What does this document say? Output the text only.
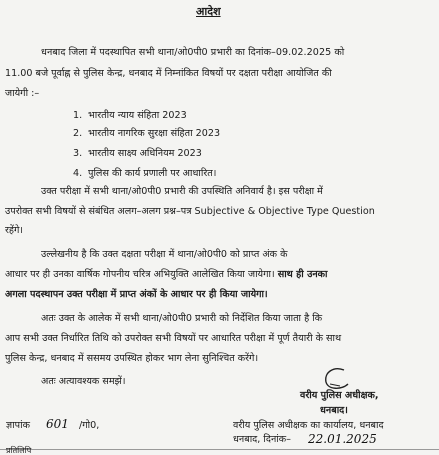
आदेश
धनबाद जिला में पदस्थापित सभी थाना/ओ0पी0 प्रभारी का दिनांक–09.02.2025 को
11.00 बजे पूर्वाह्न से पुलिस केन्द्र, धनबाद में निम्नांकित विषयों पर दक्षता परीक्षा आयोजित की
जायेगी :–
1. भारतीय न्याय संहिता 2023
2. भारतीय नागरिक सुरक्षा संहिता 2023
3. भारतीय साक्ष्य अधिनियम 2023
4. पुलिस की कार्य प्रणाली पर आधारित।
उक्त परीक्षा में सभी थाना/ओ0पी0 प्रभारी की उपस्थिति अनिवार्य है। इस परीक्षा में
उपरोक्त सभी विषयों से संबंधित अलग–अलग प्रश्न–पत्र Subjective & Objective Type Question
रहेंगे।
उल्लेखनीय है कि उक्त दक्षता परीक्षा में थाना/ओ0पी0 को प्राप्त अंक के
आधार पर ही उनका वार्षिक गोपनीय चरित्र अभियुक्ति आलेखित किया जायेगा। साथ ही उनका
अगला पदस्थापन उक्त परीक्षा में प्राप्त अंकों के आधार पर ही किया जायेगा।
अतः उक्त के आलेक में सभी थाना/ओ0पी0 प्रभारी को निर्देशित किया जाता है कि
आप सभी उक्त निर्धारित तिथि को उपरोक्त सभी विषयों पर आधारित परीक्षा में पूर्ण तैयारी के साथ
पुलिस केन्द्र, धनबाद में ससमय उपस्थित होकर भाग लेना सुनिश्चित करेंगे।
अतः अत्यावश्यक समझें।
वरीय पुलिस अधीक्षक,
धनबाद।
ज्ञापांक 601 /गो0,	वरीय पुलिस अधीक्षक का कार्यालय, धनबाद
धनबाद, दिनांक– 22.01.2025
प्रतिलिपि
